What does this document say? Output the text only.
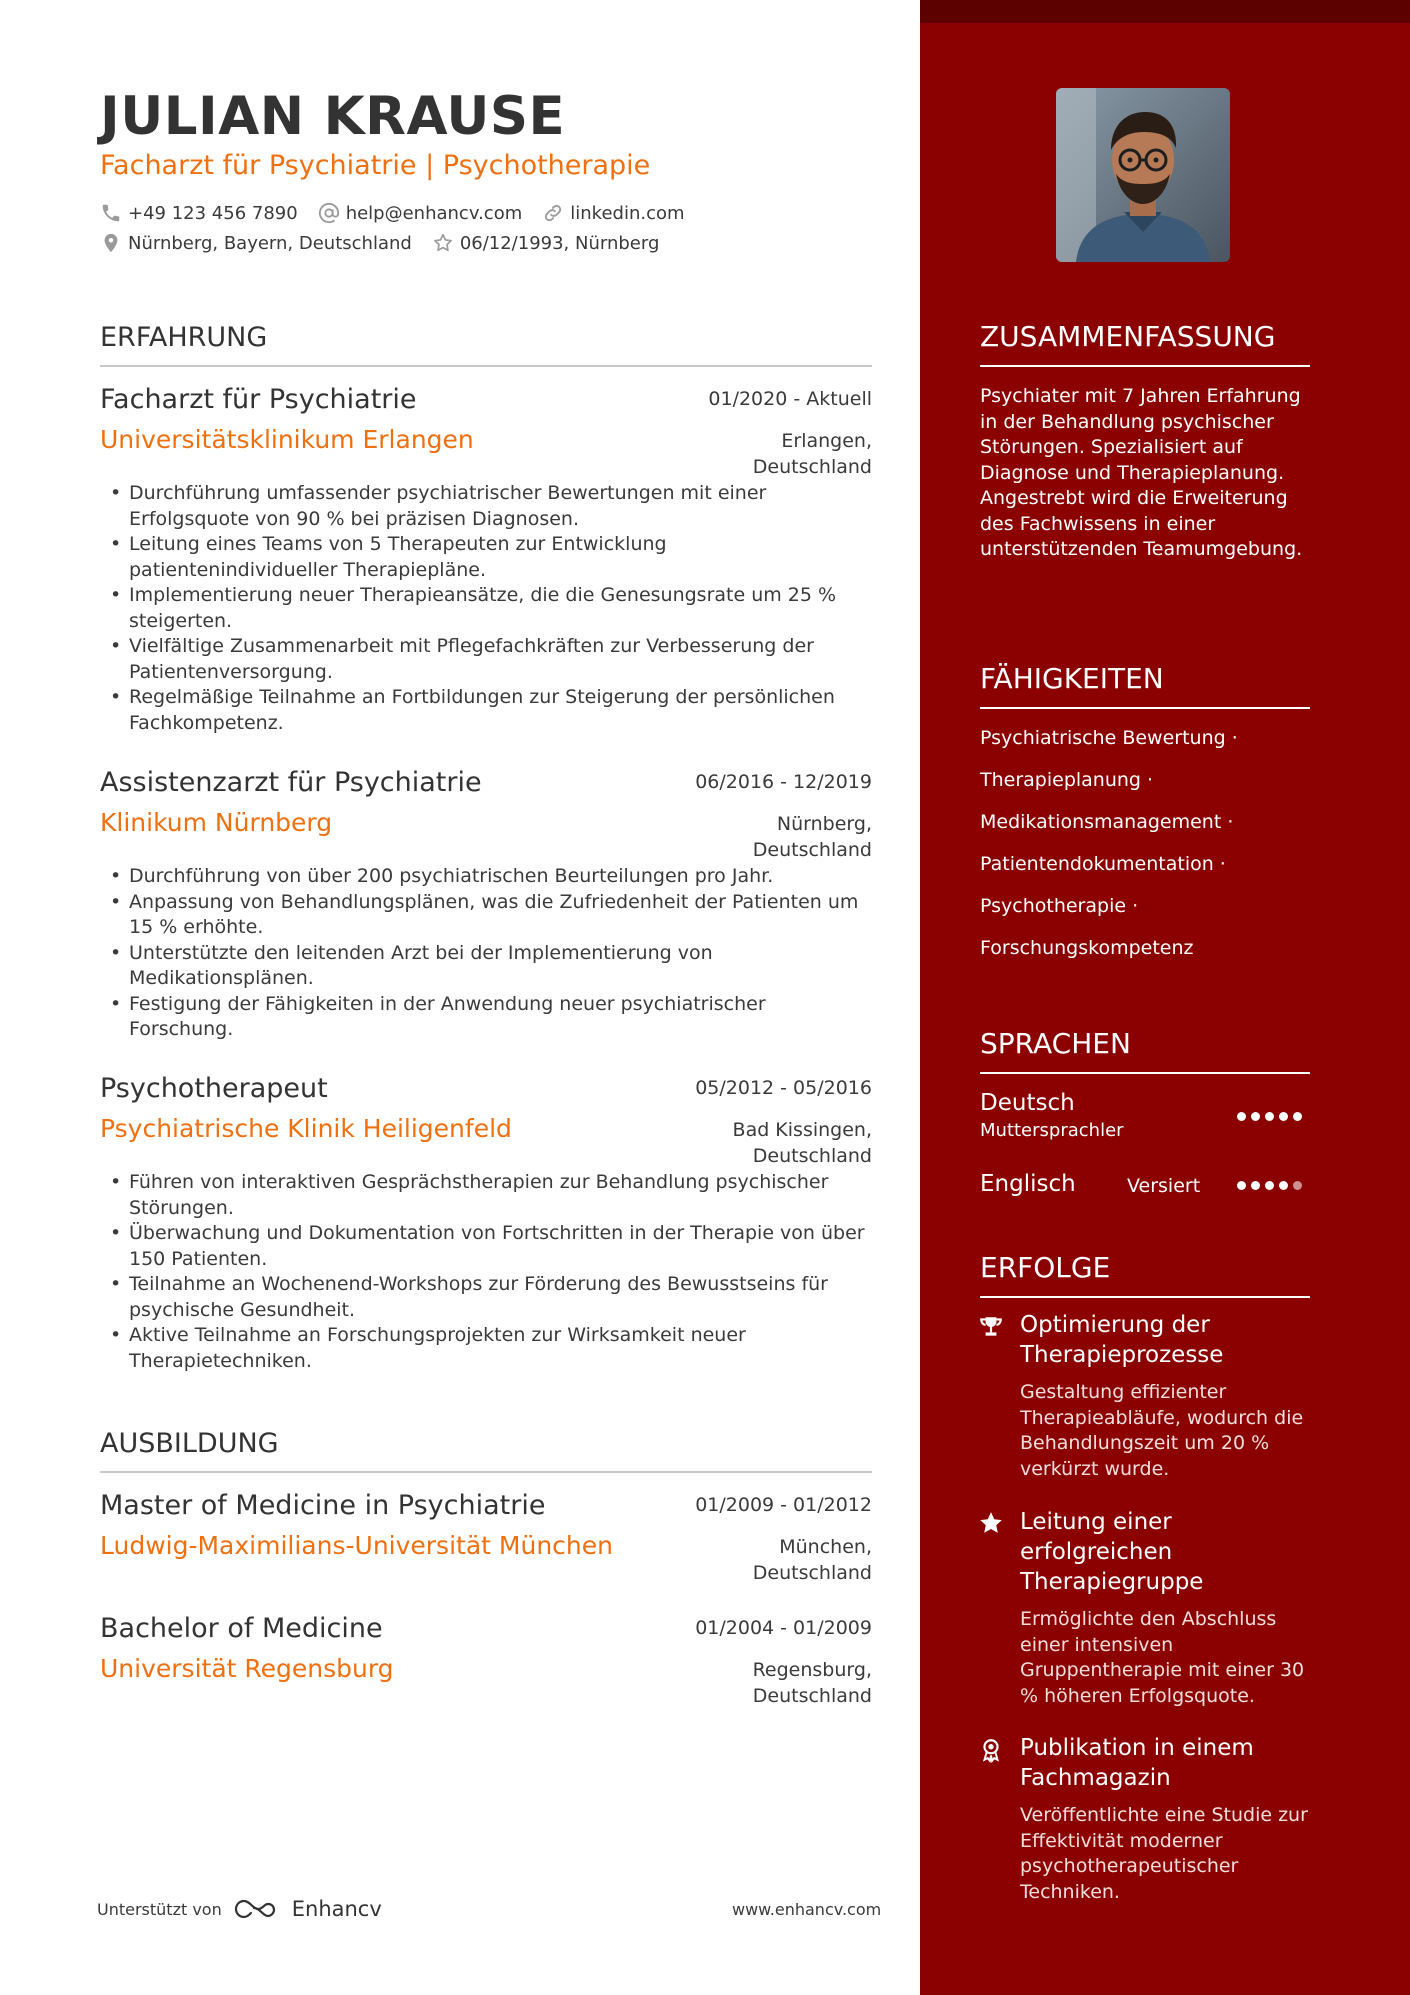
JULIAN KRAUSE
Facharzt für Psychiatrie | Psychotherapie
+49 123 456 7890	help@enhancv.com	linkedin.com
Nürnberg, Bayern, Deutschland	06/12/1993, Nürnberg
ERFAHRUNG
Facharzt für Psychiatrie	01/2020 - Aktuell
Universitätsklinikum Erlangen	Erlangen,
Deutschland
• Durchführung umfassender psychiatrischer Bewertungen mit einer Erfolgsquote von 90 % bei präzisen Diagnosen.
• Leitung eines Teams von 5 Therapeuten zur Entwicklung patientenindividueller Therapiepläne.
• Implementierung neuer Therapieansätze, die die Genesungsrate um 25 % steigerten.
• Vielfältige Zusammenarbeit mit Pflegefachkräften zur Verbesserung der Patientenversorgung.
• Regelmäßige Teilnahme an Fortbildungen zur Steigerung der persönlichen Fachkompetenz.
Assistenzarzt für Psychiatrie	06/2016 - 12/2019
Klinikum Nürnberg	Nürnberg,
Deutschland
• Durchführung von über 200 psychiatrischen Beurteilungen pro Jahr.
• Anpassung von Behandlungsplänen, was die Zufriedenheit der Patienten um 15 % erhöhte.
• Unterstützte den leitenden Arzt bei der Implementierung von Medikationsplänen.
• Festigung der Fähigkeiten in der Anwendung neuer psychiatrischer Forschung.
Psychotherapeut	05/2012 - 05/2016
Psychiatrische Klinik Heiligenfeld	Bad Kissingen,
Deutschland
• Führen von interaktiven Gesprächstherapien zur Behandlung psychischer Störungen.
• Überwachung und Dokumentation von Fortschritten in der Therapie von über 150 Patienten.
• Teilnahme an Wochenend-Workshops zur Förderung des Bewusstseins für psychische Gesundheit.
• Aktive Teilnahme an Forschungsprojekten zur Wirksamkeit neuer Therapietechniken.
AUSBILDUNG
Master of Medicine in Psychiatrie	01/2009 - 01/2012
Ludwig-Maximilians-Universität München	München,
Deutschland
Bachelor of Medicine	01/2004 - 01/2009
Universität Regensburg	Regensburg,
Deutschland
Unterstützt von	Enhancv	www.enhancv.com
ZUSAMMENFASSUNG
Psychiater mit 7 Jahren Erfahrung in der Behandlung psychischer Störungen. Spezialisiert auf Diagnose und Therapieplanung. Angestrebt wird die Erweiterung des Fachwissens in einer unterstützenden Teamumgebung.
FÄHIGKEITEN
Psychiatrische Bewertung ·
Therapieplanung ·
Medikationsmanagement ·
Patientendokumentation ·
Psychotherapie ·
Forschungskompetenz
SPRACHEN
Deutsch
Muttersprachler
Englisch	Versiert
ERFOLGE
Optimierung der Therapieprozesse
Gestaltung effizienter Therapieabläufe, wodurch die Behandlungszeit um 20 % verkürzt wurde.
Leitung einer erfolgreichen Therapiegruppe
Ermöglichte den Abschluss einer intensiven Gruppentherapie mit einer 30 % höheren Erfolgsquote.
Publikation in einem Fachmagazin
Veröffentlichte eine Studie zur Effektivität moderner psychotherapeutischer Techniken.
